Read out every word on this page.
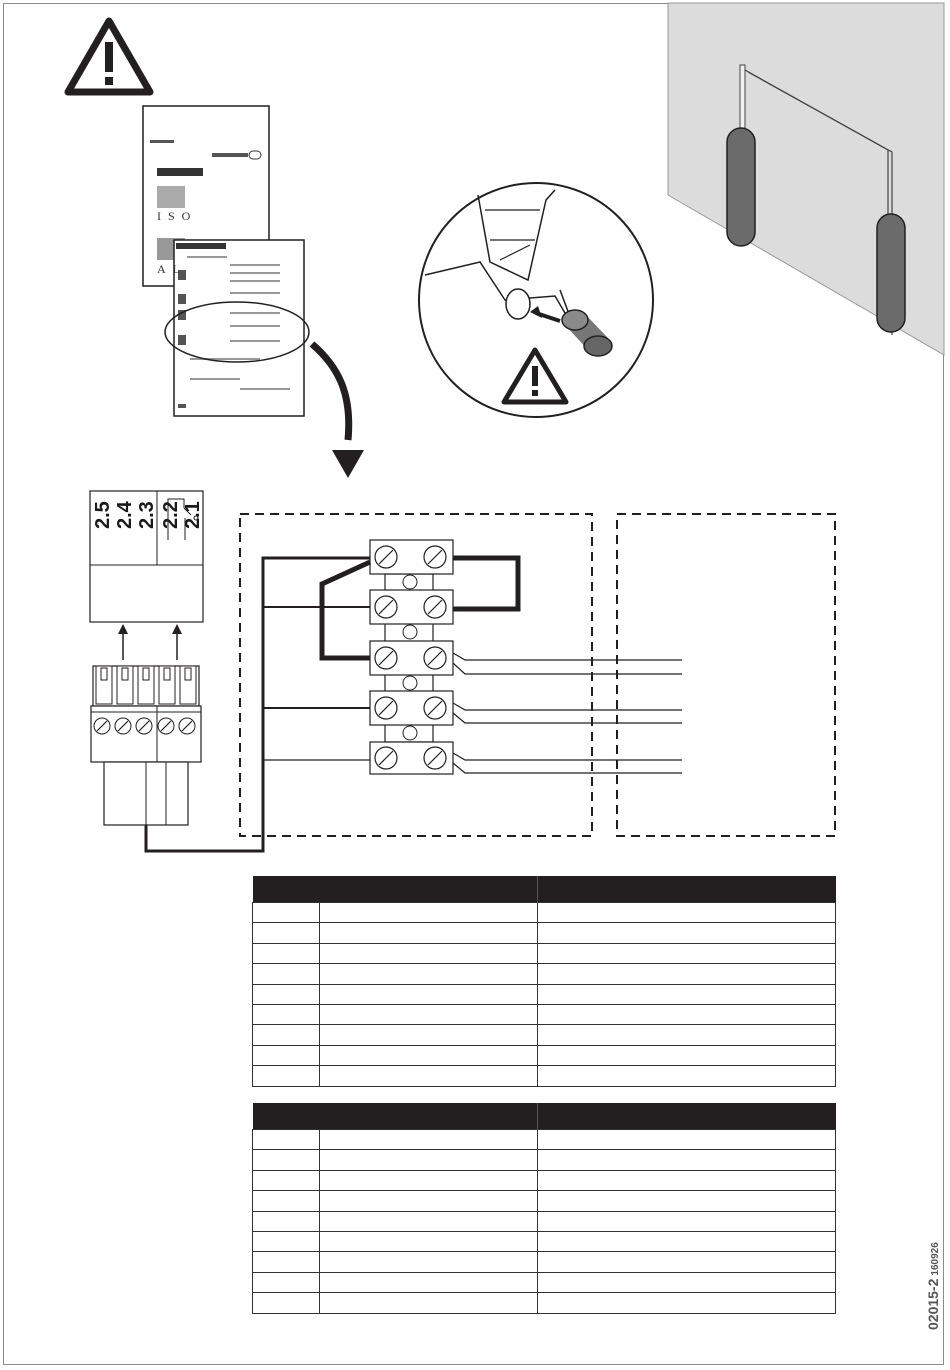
2.5 2.4 2.3 2.2 2.1
ISO
AL

02015-2160926
